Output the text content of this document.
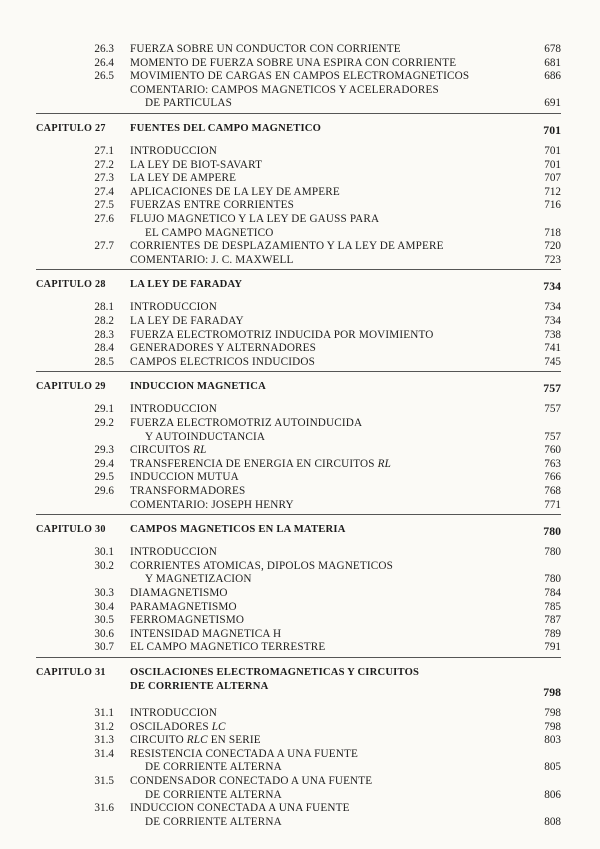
26.3 FUERZA SOBRE UN CONDUCTOR CON CORRIENTE	678
26.4 MOMENTO DE FUERZA SOBRE UNA ESPIRA CON CORRIENTE	681
26.5 MOVIMIENTO DE CARGAS EN CAMPOS ELECTROMAGNETICOS	686
COMENTARIO: CAMPOS MAGNETICOS Y ACELERADORES
DE PARTICULAS	691
CAPITULO 27 FUENTES DEL CAMPO MAGNETICO	701
27.1 INTRODUCCION	701
27.2 LA LEY DE BIOT-SAVART	701
27.3 LA LEY DE AMPERE	707
27.4 APLICACIONES DE LA LEY DE AMPERE	712
27.5 FUERZAS ENTRE CORRIENTES	716
27.6 FLUJO MAGNETICO Y LA LEY DE GAUSS PARA
EL CAMPO MAGNETICO	718
27.7 CORRIENTES DE DESPLAZAMIENTO Y LA LEY DE AMPERE	720
COMENTARIO: J. C. MAXWELL	723
CAPITULO 28 LA LEY DE FARADAY	734
28.1 INTRODUCCION	734
28.2 LA LEY DE FARADAY	734
28.3 FUERZA ELECTROMOTRIZ INDUCIDA POR MOVIMIENTO	738
28.4 GENERADORES Y ALTERNADORES	741
28.5 CAMPOS ELECTRICOS INDUCIDOS	745
CAPITULO 29 INDUCCION MAGNETICA	757
29.1 INTRODUCCION	757
29.2 FUERZA ELECTROMOTRIZ AUTOINDUCIDA
Y AUTOINDUCTANCIA	757
29.3 CIRCUITOS RL	760
29.4 TRANSFERENCIA DE ENERGIA EN CIRCUITOS RL	763
29.5 INDUCCION MUTUA	766
29.6 TRANSFORMADORES	768
COMENTARIO: JOSEPH HENRY	771
CAPITULO 30 CAMPOS MAGNETICOS EN LA MATERIA	780
30.1 INTRODUCCION	780
30.2 CORRIENTES ATOMICAS, DIPOLOS MAGNETICOS
Y MAGNETIZACION	780
30.3 DIAMAGNETISMO	784
30.4 PARAMAGNETISMO	785
30.5 FERROMAGNETISMO	787
30.6 INTENSIDAD MAGNETICA H	789
30.7 EL CAMPO MAGNETICO TERRESTRE	791
CAPITULO 31 OSCILACIONES ELECTROMAGNETICAS Y CIRCUITOS
DE CORRIENTE ALTERNA	798
31.1 INTRODUCCION	798
31.2 OSCILADORES LC	798
31.3 CIRCUITO RLC EN SERIE	803
31.4 RESISTENCIA CONECTADA A UNA FUENTE
DE CORRIENTE ALTERNA	805
31.5 CONDENSADOR CONECTADO A UNA FUENTE
DE CORRIENTE ALTERNA	806
31.6 INDUCCION CONECTADA A UNA FUENTE
DE CORRIENTE ALTERNA	808
